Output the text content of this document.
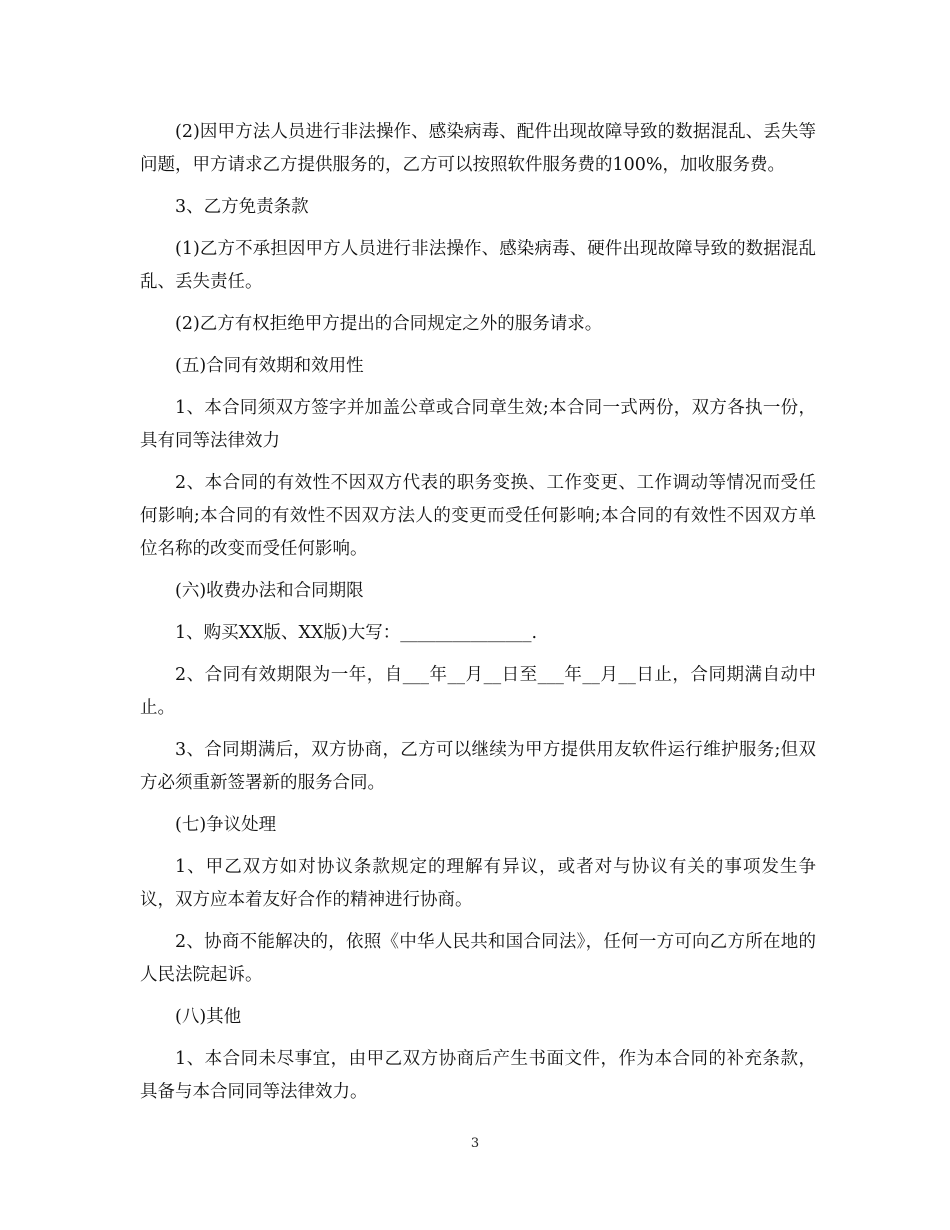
(2)因甲方法人员进行非法操作、感染病毒、配件出现故障导致的数据混乱、丢失等问题，甲方请求乙方提供服务的，乙方可以按照软件服务费的100%，加收服务费。

3、乙方免责条款

(1)乙方不承担因甲方人员进行非法操作、感染病毒、硬件出现故障导致的数据混乱乱、丢失责任。

(2)乙方有权拒绝甲方提出的合同规定之外的服务请求。

(五)合同有效期和效用性

1、本合同须双方签字并加盖公章或合同章生效;本合同一式两份，双方各执一份，具有同等法律效力

2、本合同的有效性不因双方代表的职务变换、工作变更、工作调动等情况而受任何影响;本合同的有效性不因双方法人的变更而受任何影响;本合同的有效性不因双方单位名称的改变而受任何影响。

(六)收费办法和合同期限

1、购买XX版、XX版)大写：_______________.

2、合同有效期限为一年，自___年__月__日至___年__月__日止，合同期满自动中止。

3、合同期满后，双方协商，乙方可以继续为甲方提供用友软件运行维护服务;但双方必须重新签署新的服务合同。

(七)争议处理

1、甲乙双方如对协议条款规定的理解有异议，或者对与协议有关的事项发生争议，双方应本着友好合作的精神进行协商。

2、协商不能解决的，依照《中华人民共和国合同法》，任何一方可向乙方所在地的人民法院起诉。

(八)其他

1、本合同未尽事宜，由甲乙双方协商后产生书面文件，作为本合同的补充条款，具备与本合同同等法律效力。

3
